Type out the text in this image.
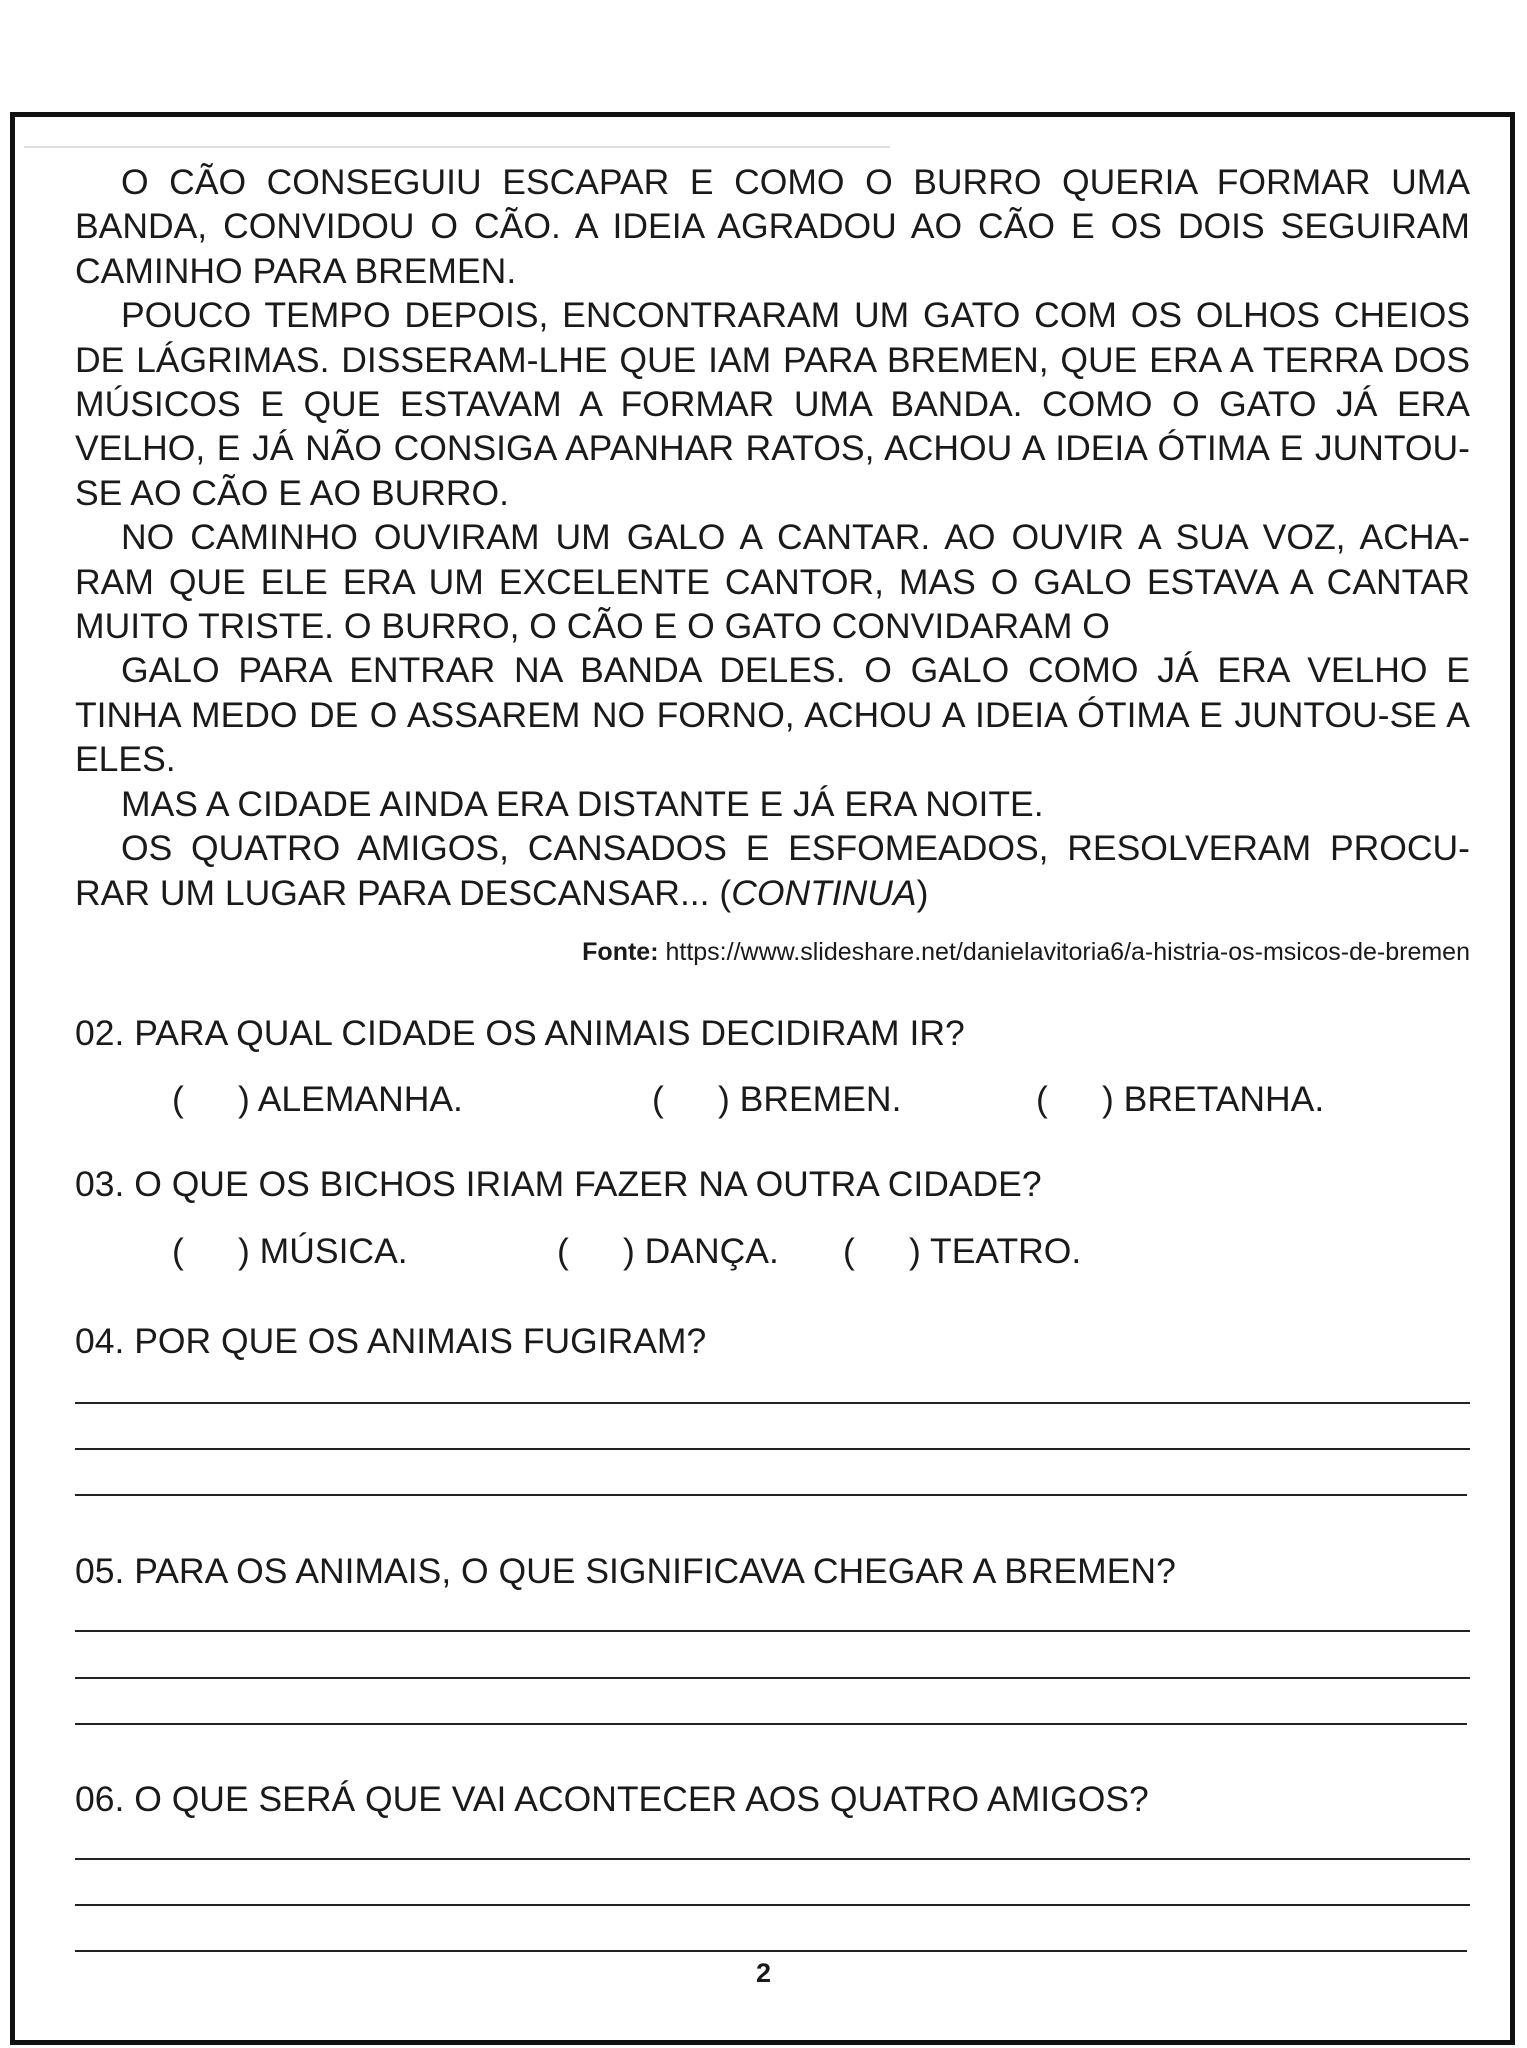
O CÃO CONSEGUIU ESCAPAR E COMO O BURRO QUERIA FORMAR UMA BANDA, CONVIDOU O CÃO. A IDEIA AGRADOU AO CÃO E OS DOIS SEGUIRAM CAMINHO PARA BREMEN.

POUCO TEMPO DEPOIS, ENCONTRARAM UM GATO COM OS OLHOS CHEIOS DE LÁGRIMAS. DISSERAM-LHE QUE IAM PARA BREMEN, QUE ERA A TERRA DOS MÚSICOS E QUE ESTAVAM A FORMAR UMA BANDA. COMO O GATO JÁ ERA VELHO, E JÁ NÃO CONSIGA APANHAR RATOS, ACHOU A IDEIA ÓTIMA E JUNTOU-SE AO CÃO E AO BURRO.

NO CAMINHO OUVIRAM UM GALO A CANTAR. AO OUVIR A SUA VOZ, ACHA-RAM QUE ELE ERA UM EXCELENTE CANTOR, MAS O GALO ESTAVA A CANTAR MUITO TRISTE. O BURRO, O CÃO E O GATO CONVIDARAM O

GALO PARA ENTRAR NA BANDA DELES. O GALO COMO JÁ ERA VELHO E TINHA MEDO DE O ASSAREM NO FORNO, ACHOU A IDEIA ÓTIMA E JUNTOU-SE A ELES.

MAS A CIDADE AINDA ERA DISTANTE E JÁ ERA NOITE.

OS QUATRO AMIGOS, CANSADOS E ESFOMEADOS, RESOLVERAM PROCU-RAR UM LUGAR PARA DESCANSAR... (CONTINUA)

Fonte: https://www.slideshare.net/danielavitoria6/a-histria-os-msicos-de-bremen
02. PARA QUAL CIDADE OS ANIMAIS DECIDIRAM IR?
( ) ALEMANHA.	( ) BREMEN.	( ) BRETANHA.
03. O QUE OS BICHOS IRIAM FAZER NA OUTRA CIDADE?
( ) MÚSICA.	( ) DANÇA. ( ) TEATRO.
04. POR QUE OS ANIMAIS FUGIRAM?
05. PARA OS ANIMAIS, O QUE SIGNIFICAVA CHEGAR A BREMEN?
06. O QUE SERÁ QUE VAI ACONTECER AOS QUATRO AMIGOS?
2
